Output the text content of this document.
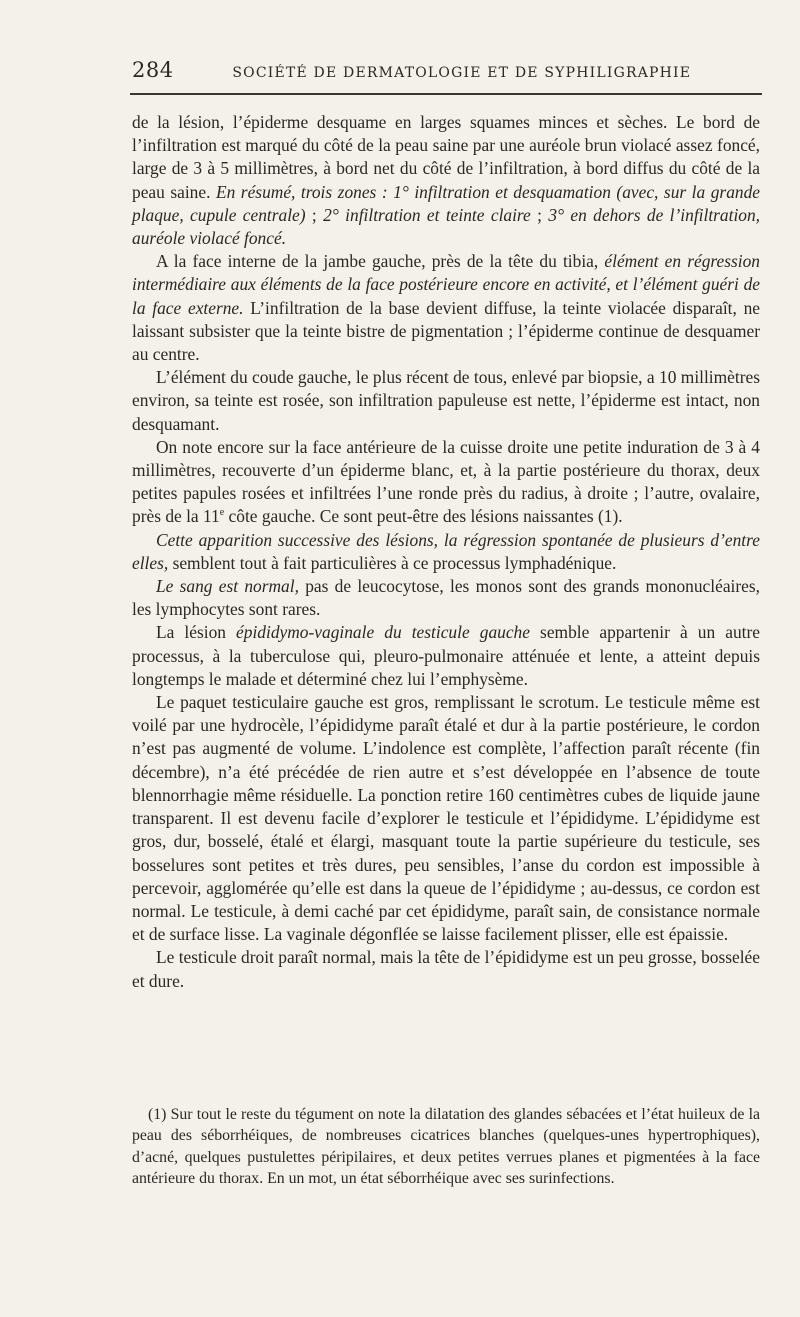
284	SOCIÉTÉ DE DERMATOLOGIE ET DE SYPHILIGRAPHIE

de la lésion, l’épiderme desquame en larges squames minces et sèches. Le bord de l’infiltration est marqué du côté de la peau saine par une auréole brun violacé assez foncé, large de 3 à 5 millimètres, à bord net du côté de l’infiltration, à bord diffus du côté de la peau saine. En résumé, trois zones : 1° infiltration et desquamation (avec, sur la grande plaque, cupule centrale) ; 2° infiltration et teinte claire ; 3° en dehors de l’infiltration, auréole violacé foncé.

A la face interne de la jambe gauche, près de la tête du tibia, élément en régression intermédiaire aux éléments de la face postérieure encore en activité, et l’élément guéri de la face externe. L’infiltration de la base devient diffuse, la teinte violacée disparaît, ne laissant subsister que la teinte bistre de pigmentation ; l’épiderme continue de desquamer au centre.

L’élément du coude gauche, le plus récent de tous, enlevé par biopsie, a 10 millimètres environ, sa teinte est rosée, son infiltration papuleuse est nette, l’épiderme est intact, non desquamant.

On note encore sur la face antérieure de la cuisse droite une petite induration de 3 à 4 millimètres, recouverte d’un épiderme blanc, et, à la partie postérieure du thorax, deux petites papules rosées et infiltrées l’une ronde près du radius, à droite ; l’autre, ovalaire, près de la 11e côte gauche. Ce sont peut-être des lésions naissantes (1).

Cette apparition successive des lésions, la régression spontanée de plusieurs d’entre elles, semblent tout à fait particulières à ce processus lymphadénique.

Le sang est normal, pas de leucocytose, les monos sont des grands mononucléaires, les lymphocytes sont rares.

La lésion épididymo-vaginale du testicule gauche semble appartenir à un autre processus, à la tuberculose qui, pleuro-pulmonaire atténuée et lente, a atteint depuis longtemps le malade et déterminé chez lui l’emphysème.

Le paquet testiculaire gauche est gros, remplissant le scrotum. Le testicule même est voilé par une hydrocèle, l’épididyme paraît étalé et dur à la partie postérieure, le cordon n’est pas augmenté de volume. L’indolence est complète, l’affection paraît récente (fin décembre), n’a été précédée de rien autre et s’est développée en l’absence de toute blennorrhagie même résiduelle. La ponction retire 160 centimètres cubes de liquide jaune transparent. Il est devenu facile d’explorer le testicule et l’épididyme. L’épididyme est gros, dur, bosselé, étalé et élargi, masquant toute la partie supérieure du testicule, ses bosselures sont petites et très dures, peu sensibles, l’anse du cordon est impossible à percevoir, agglomérée qu’elle est dans la queue de l’épididyme ; au-dessus, ce cordon est normal. Le testicule, à demi caché par cet épididyme, paraît sain, de consistance normale et de surface lisse. La vaginale dégonflée se laisse facilement plisser, elle est épaissie.

Le testicule droit paraît normal, mais la tête de l’épididyme est un peu grosse, bosselée et dure.

(1) Sur tout le reste du tégument on note la dilatation des glandes sébacées et l’état huileux de la peau des séborrhéiques, de nombreuses cicatrices blanches (quelques-unes hypertrophiques), d’acné, quelques pustulettes péripilaires, et deux petites verrues planes et pigmentées à la face antérieure du thorax. En un mot, un état séborrhéique avec ses surinfections.
